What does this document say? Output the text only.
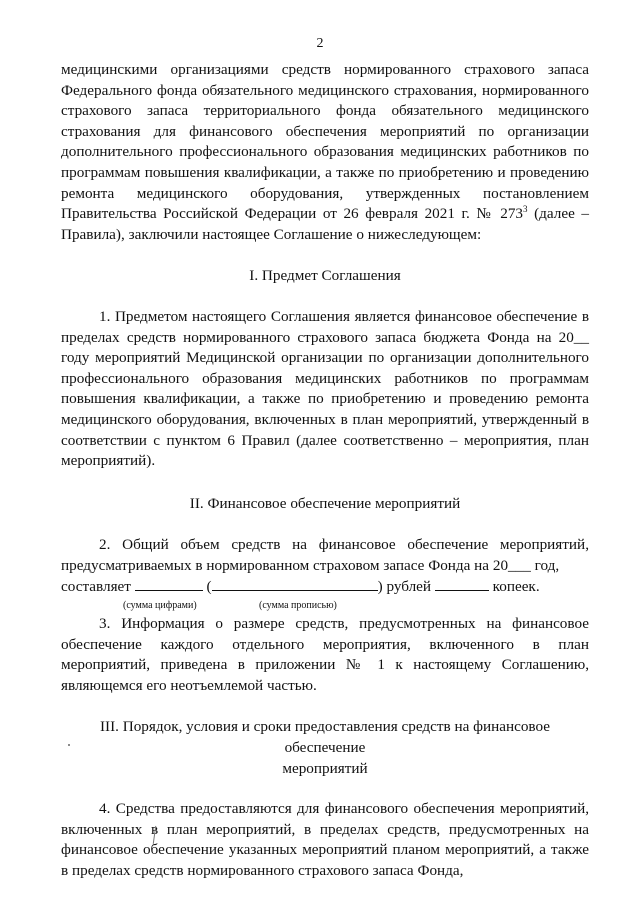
2

медицинскими организациями средств нормированного страхового запаса Федерального фонда обязательного медицинского страхования, нормированного страхового запаса территориального фонда обязательного медицинского страхования для финансового обеспечения мероприятий по организации дополнительного профессионального образования медицинских работников по программам повышения квалификации, а также по приобретению и проведению ремонта медицинского оборудования, утвержденных постановлением Правительства Российской Федерации от 26 февраля 2021 г. № $273^3$ (далее – Правила), заключили настоящее Соглашение о нижеследующем:

I. Предмет Соглашения

1. Предметом настоящего Соглашения является финансовое обеспечение в пределах средств нормированного страхового запаса бюджета Фонда на 20__ году мероприятий Медицинской организации по организации дополнительного профессионального образования медицинских работников по программам повышения квалификации, а также по приобретению и проведению ремонта медицинского оборудования, включенных в план мероприятий, утвержденный в соответствии с пунктом 6 Правил (далее соответственно – мероприятия, план мероприятий).

II. Финансовое обеспечение мероприятий

2. Общий объем средств на финансовое обеспечение мероприятий, предусматриваемых в нормированном страховом запасе Фонда на 20___ год,
составляет	(	) рублей	копеек.

(сумма цифрами)	(сумма прописью)

3. Информация о размере средств, предусмотренных на финансовое обеспечение каждого отдельного мероприятия, включенного в план мероприятий, приведена в приложении № 1 к настоящему Соглашению, являющемся его неотъемлемой частью.

III. Порядок, условия и сроки предоставления средств на финансовое обеспечение
мероприятий

4. Средства предоставляются для финансового обеспечения мероприятий, включенных в план мероприятий, в пределах средств, предусмотренных на финансовое обеспечение указанных мероприятий планом мероприятий, а также в пределах средств нормированного страхового запаса Фонда,
